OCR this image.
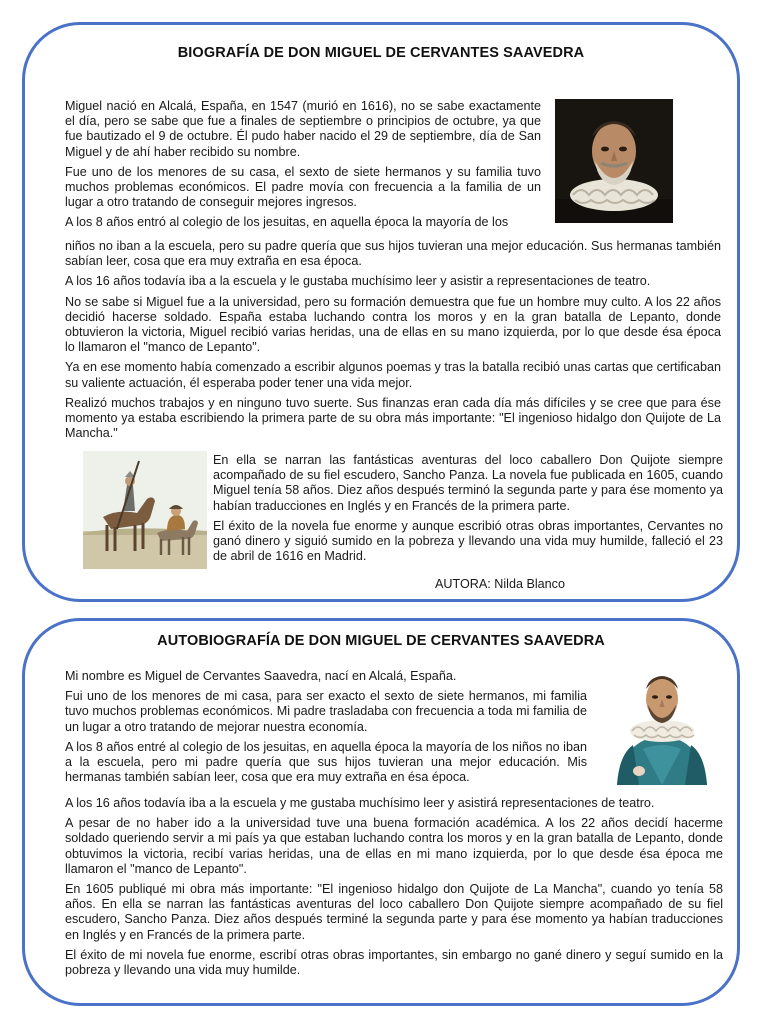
BIOGRAFÍA DE DON MIGUEL DE CERVANTES SAAVEDRA

Miguel nació en Alcalá, España, en 1547 (murió en 1616), no se sabe exactamente el día, pero se sabe que fue a finales de septiembre o principios de octubre, ya que fue bautizado el 9 de octubre. Él pudo haber nacido el 29 de septiembre, día de San Miguel y de ahí haber recibido su nombre.

Fue uno de los menores de su casa, el sexto de siete hermanos y su familia tuvo muchos problemas económicos. El padre movía con frecuencia a la familia de un lugar a otro tratando de conseguir mejores ingresos.

A los 8 años entró al colegio de los jesuitas, en aquella época la mayoría de los

niños no iban a la escuela, pero su padre quería que sus hijos tuvieran una mejor educación. Sus hermanas también sabían leer, cosa que era muy extraña en esa época.

A los 16 años todavía iba a la escuela y le gustaba muchísimo leer y asistir a representaciones de teatro.

No se sabe si Miguel fue a la universidad, pero su formación demuestra que fue un hombre muy culto. A los 22 años decidió hacerse soldado. España estaba luchando contra los moros y en la gran batalla de Lepanto, donde obtuvieron la victoria, Miguel recibió varias heridas, una de ellas en su mano izquierda, por lo que desde ésa época lo llamaron el "manco de Lepanto".

Ya en ese momento había comenzado a escribir algunos poemas y tras la batalla recibió unas cartas que certificaban su valiente actuación, él esperaba poder tener una vida mejor.

Realizó muchos trabajos y en ninguno tuvo suerte. Sus finanzas eran cada día más difíciles y se cree que para ése momento ya estaba escribiendo la primera parte de su obra más importante: "El ingenioso hidalgo don Quijote de La Mancha."

En ella se narran las fantásticas aventuras del loco caballero Don Quijote siempre acompañado de su fiel escudero, Sancho Panza. La novela fue publicada en 1605, cuando Miguel tenía 58 años. Diez años después terminó la segunda parte y para ése momento ya habían traducciones en Inglés y en Francés de la primera parte.

El éxito de la novela fue enorme y aunque escribió otras obras importantes, Cervantes no ganó dinero y siguió sumido en la pobreza y llevando una vida muy humilde, falleció el 23 de abril de 1616 en Madrid.

AUTORA: Nilda Blanco
AUTOBIOGRAFÍA DE DON MIGUEL DE CERVANTES SAAVEDRA

Mi nombre es Miguel de Cervantes Saavedra, nací en Alcalá, España.

Fui uno de los menores de mi casa, para ser exacto el sexto de siete hermanos, mi familia tuvo muchos problemas económicos. Mi padre trasladaba con frecuencia a toda mi familia de un lugar a otro tratando de mejorar nuestra economía.

A los 8 años entré al colegio de los jesuitas, en aquella época la mayoría de los niños no iban a la escuela, pero mi padre quería que sus hijos tuvieran una mejor educación. Mis hermanas también sabían leer, cosa que era muy extraña en ésa época.

A los 16 años todavía iba a la escuela y me gustaba muchísimo leer y asistirá representaciones de teatro.

A pesar de no haber ido a la universidad tuve una buena formación académica. A los 22 años decidí hacerme soldado queriendo servir a mi país ya que estaban luchando contra los moros y en la gran batalla de Lepanto, donde obtuvimos la victoria, recibí varias heridas, una de ellas en mi mano izquierda, por lo que desde ésa época me llamaron el "manco de Lepanto".

En 1605 publiqué mi obra más importante: "El ingenioso hidalgo don Quijote de La Mancha", cuando yo tenía 58 años. En ella se narran las fantásticas aventuras del loco caballero Don Quijote siempre acompañado de su fiel escudero, Sancho Panza. Diez años después terminé la segunda parte y para ése momento ya habían traducciones en Inglés y en Francés de la primera parte.

El éxito de mi novela fue enorme, escribí otras obras importantes, sin embargo no gané dinero y seguí sumido en la pobreza y llevando una vida muy humilde.
